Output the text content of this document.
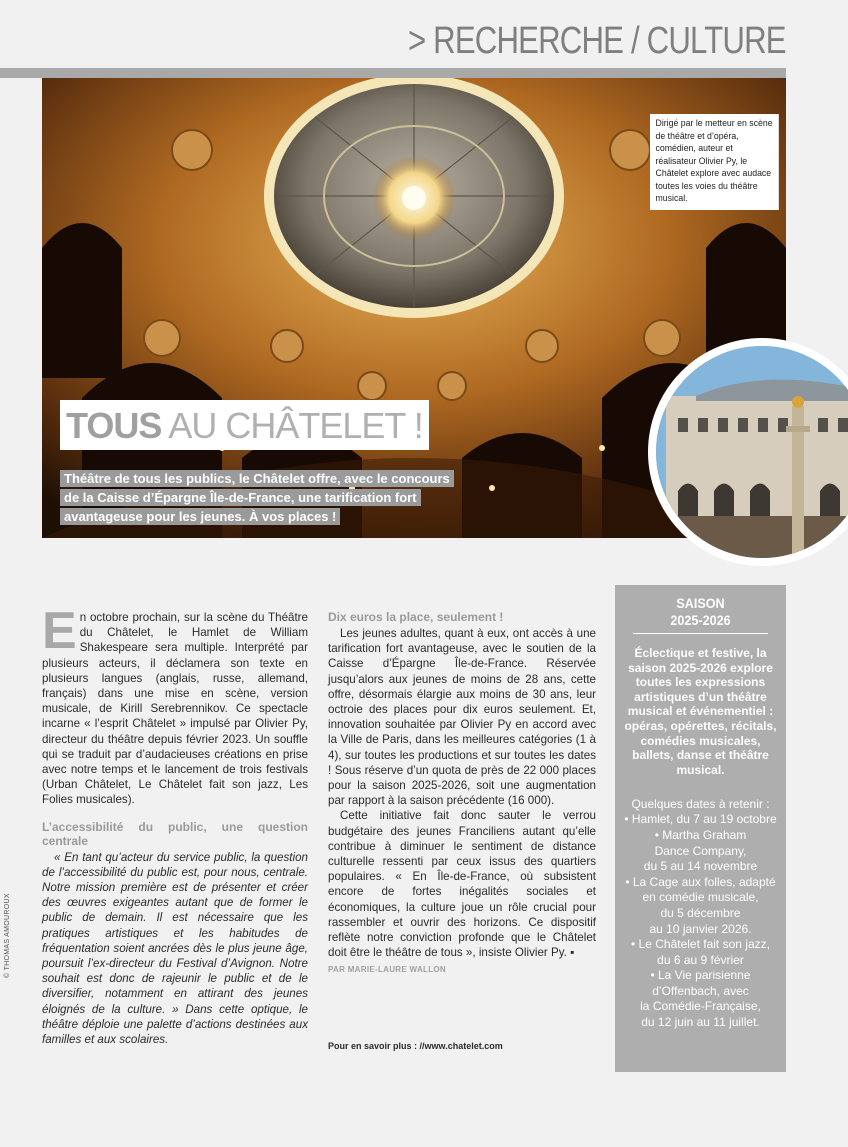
> RECHERCHE / CULTURE
Dirigé par le metteur en scène de théâtre et d’opéra, comédien, auteur et réalisateur Olivier Py, le Châtelet explore avec audace toutes les voies du théâtre musical.
TOUS AU CHÂTELET !
Théâtre de tous les publics, le Châtelet offre, avec le concours de la Caisse d’Épargne Île-de-France, une tarification fort avantageuse pour les jeunes. À vos places !

En octobre prochain, sur la scène du Théâtre du Châtelet, le Hamlet de William Shakespeare sera multiple. Interprété par plusieurs acteurs, il déclamera son texte en plusieurs langues (anglais, russe, allemand, français) dans une mise en scène, version musicale, de Kirill Serebrennikov. Ce spectacle incarne « l’esprit Châtelet » impulsé par Olivier Py, directeur du théâtre depuis février 2023. Un souffle qui se traduit par d’audacieuses créations en prise avec notre temps et le lancement de trois festivals (Urban Châtelet, Le Châtelet fait son jazz, Les Folies musicales).

L’accessibilité du public, une question centrale

« En tant qu’acteur du service public, la question de l’accessibilité du public est, pour nous, centrale. Notre mission première est de présenter et créer des œuvres exigeantes autant que de former le public de demain. Il est nécessaire que les pratiques artistiques et les habitudes de fréquentation soient ancrées dès le plus jeune âge, poursuit l’ex-directeur du Festival d’Avignon. Notre souhait est donc de rajeunir le public et de le diversifier, notamment en attirant des jeunes éloignés de la culture. » Dans cette optique, le théâtre déploie une palette d’actions destinées aux familles et aux scolaires.

Dix euros la place, seulement !

Les jeunes adultes, quant à eux, ont accès à une tarification fort avantageuse, avec le soutien de la Caisse d’Épargne Île-de-France. Réservée jusqu’alors aux jeunes de moins de 28 ans, cette offre, désormais élargie aux moins de 30 ans, leur octroie des places pour dix euros seulement. Et, innovation souhaitée par Olivier Py en accord avec la Ville de Paris, dans les meilleures catégories (1 à 4), sur toutes les productions et sur toutes les dates ! Sous réserve d’un quota de près de 22 000 places pour la saison 2025-2026, soit une augmentation par rapport à la saison précédente (16 000).

Cette initiative fait donc sauter le verrou budgétaire des jeunes Franciliens autant qu’elle contribue à diminuer le sentiment de distance culturelle ressenti par ceux issus des quartiers populaires. « En Île-de-France, où subsistent encore de fortes inégalités sociales et économiques, la culture joue un rôle crucial pour rassembler et ouvrir des horizons. Ce dispositif reflète notre conviction profonde que le Châtelet doit être le théâtre de tous », insiste Olivier Py. ▪

PAR MARIE-LAURE WALLON
Pour en savoir plus : //www.chatelet.com
SAISON
2025-2026
Éclectique et festive, la saison 2025-2026 explore toutes les expressions artistiques d’un théâtre musical et événementiel : opéras, opérettes, récitals, comédies musicales, ballets, danse et théâtre musical.
Quelques dates à retenir :
• Hamlet, du 7 au 19 octobre
• Martha Graham
Dance Company,
du 5 au 14 novembre
• La Cage aux folles, adapté
en comédie musicale,
du 5 décembre
au 10 janvier 2026.
• Le Châtelet fait son jazz,
du 6 au 9 février
• La Vie parisienne
d’Offenbach, avec
la Comédie-Française,
du 12 juin au 11 juillet.
© THOMAS AMOUROUX
